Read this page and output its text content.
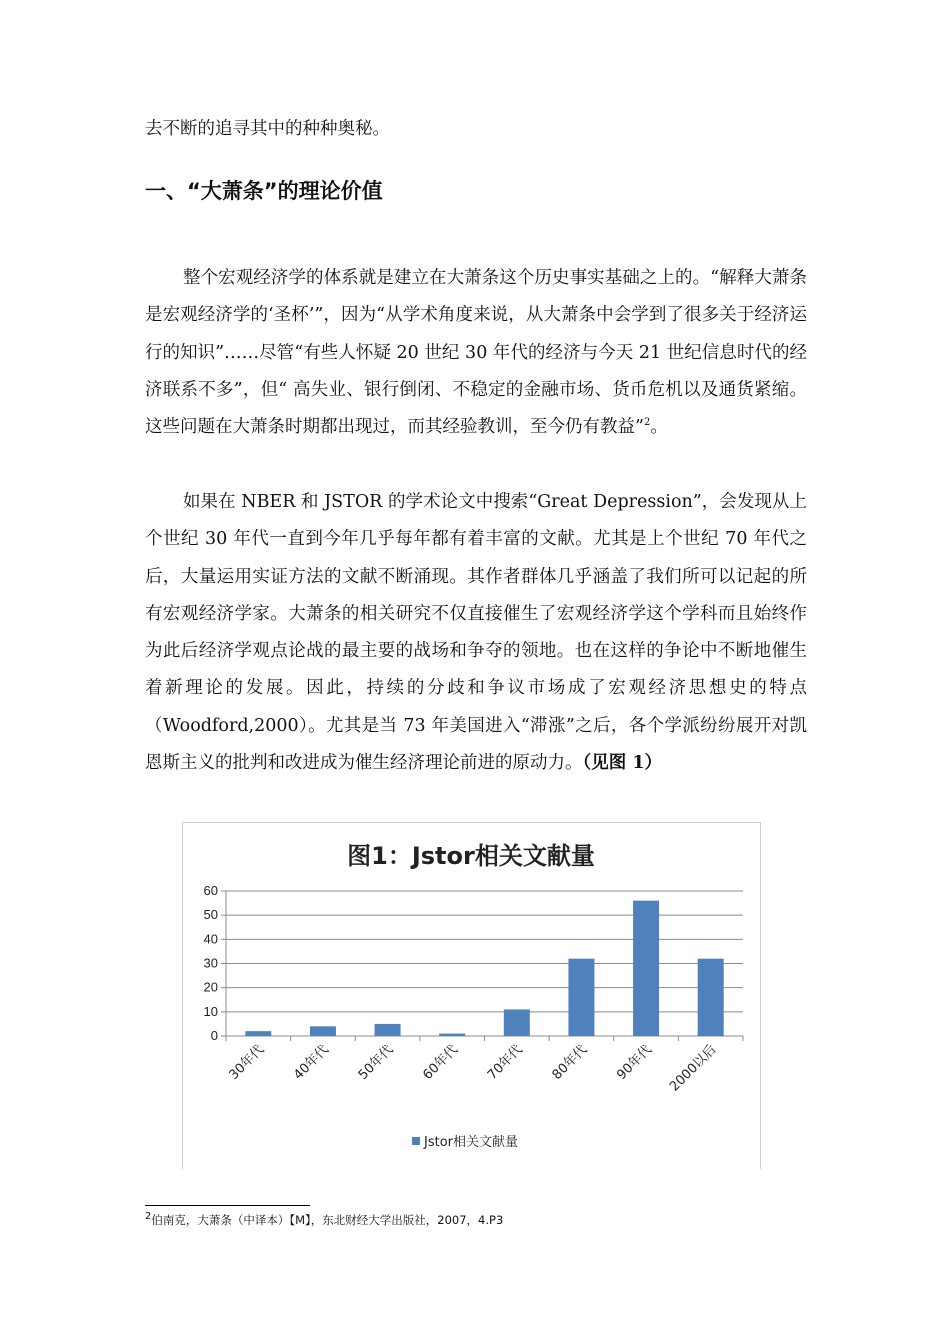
去不断的追寻其中的种种奥秘。

一、“大萧条”的理论价值

整个宏观经济学的体系就是建立在大萧条这个历史事实基础之上的。“解释大萧条是宏观经济学的‘圣杯’”，因为“从学术角度来说，从大萧条中会学到了很多关于经济运行的知识”……尽管“有些人怀疑 20 世纪 30 年代的经济与今天 21 世纪信息时代的经济联系不多”，但“ 高失业、银行倒闭、不稳定的金融市场、货币危机以及通货紧缩。这些问题在大萧条时期都出现过，而其经验教训，至今仍有教益”$^2$。

如果在 NBER 和 JSTOR 的学术论文中搜索“Great Depression”，会发现从上个世纪 30 年代一直到今年几乎每年都有着丰富的文献。尤其是上个世纪 70 年代之后，大量运用实证方法的文献不断涌现。其作者群体几乎涵盖了我们所可以记起的所有宏观经济学家。大萧条的相关研究不仅直接催生了宏观经济学这个学科而且始终作为此后经济学观点论战的最主要的战场和争夺的领地。也在这样的争论中不断地催生着新理论的发展。因此，持续的分歧和争议市场成了宏观经济思想史的特点（Woodford,2000）。尤其是当 73 年美国进入“滞涨”之后，各个学派纷纷展开对凯恩斯主义的批判和改进成为催生经济理论前进的原动力。（见图 1）

图1：Jstor相关文献量
0
10
20
30
40
50
60
30年代 40年代 50年代 60年代 70年代 80年代 90年代 2000以后
Jstor相关文献量

$^2$伯南克，大萧条（中译本）【M】，东北财经大学出版社，2007，4.P3
